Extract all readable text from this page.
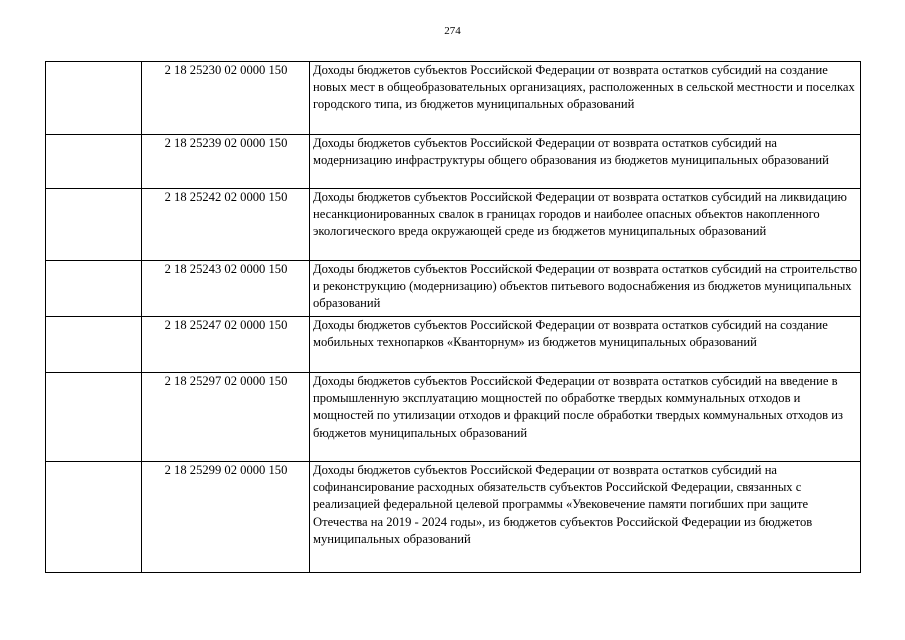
274
	2 18 25230 02 0000 150	Доходы бюджетов субъектов Российской Федерации от возврата остатков субсидий на создание новых мест в общеобразовательных организациях, расположенных в сельской местности и поселках городского типа, из бюджетов муниципальных образований
	2 18 25239 02 0000 150	Доходы бюджетов субъектов Российской Федерации от возврата остатков субсидий на модернизацию инфраструктуры общего образования из бюджетов муниципальных образований
	2 18 25242 02 0000 150	Доходы бюджетов субъектов Российской Федерации от возврата остатков субсидий на ликвидацию несанкционированных свалок в границах городов и наиболее опасных объектов накопленного экологического вреда окружающей среде из бюджетов муниципальных образований
	2 18 25243 02 0000 150	Доходы бюджетов субъектов Российской Федерации от возврата остатков субсидий на строительство и реконструкцию (модернизацию) объектов питьевого водоснабжения из бюджетов муниципальных образований
	2 18 25247 02 0000 150	Доходы бюджетов субъектов Российской Федерации от возврата остатков субсидий на создание мобильных технопарков «Кванторнум» из бюджетов муниципальных образований
	2 18 25297 02 0000 150	Доходы бюджетов субъектов Российской Федерации от возврата остатков субсидий на введение в промышленную эксплуатацию мощностей по обработке твердых коммунальных отходов и мощностей по утилизации отходов и фракций после обработки твердых коммунальных отходов из бюджетов муниципальных образований
	2 18 25299 02 0000 150	Доходы бюджетов субъектов Российской Федерации от возврата остатков субсидий на софинансирование расходных обязательств субъектов Российской Федерации, связанных с реализацией федеральной целевой программы «Увековечение памяти погибших при защите Отечества на 2019 - 2024 годы», из бюджетов субъектов Российской Федерации из бюджетов муниципальных образований
